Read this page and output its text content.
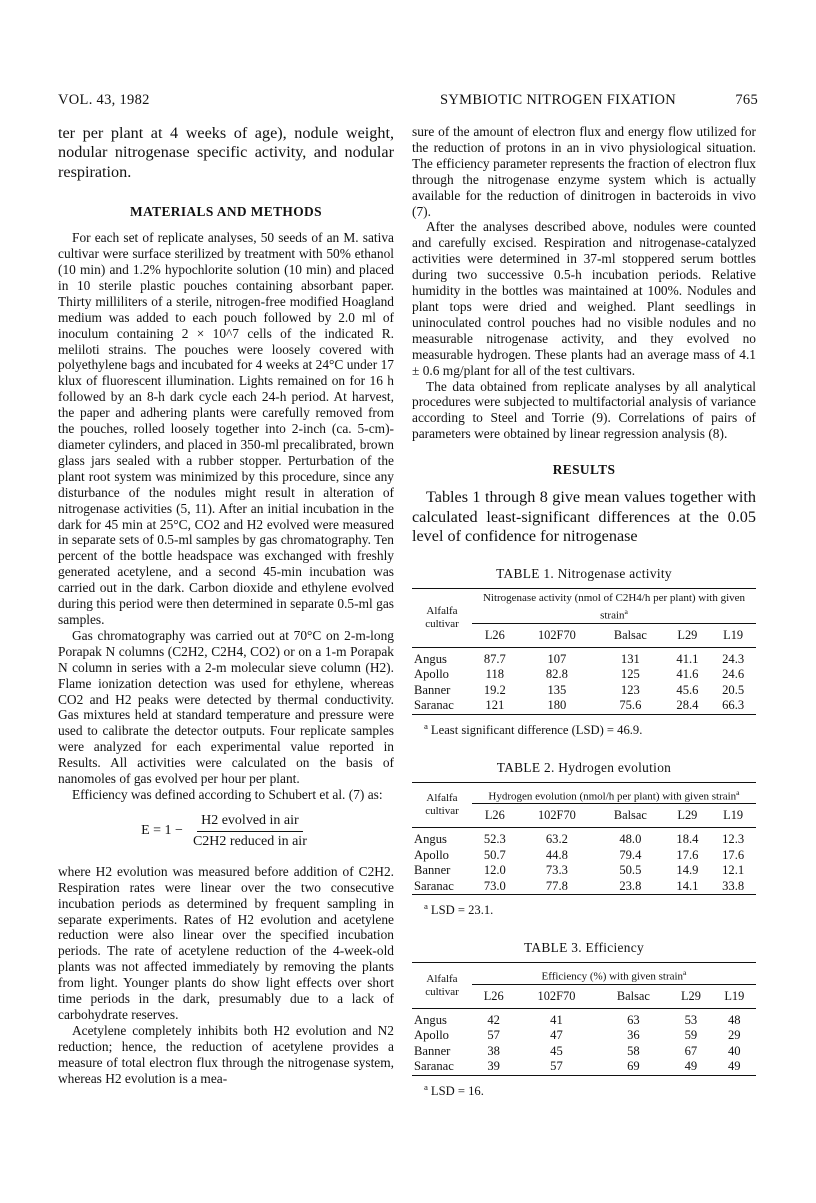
VOL. 43, 1982	SYMBIOTIC NITROGEN FIXATION	765

ter per plant at 4 weeks of age), nodule weight, nodular nitrogenase specific activity, and nodular respiration.

MATERIALS AND METHODS

For each set of replicate analyses, 50 seeds of an M. sativa cultivar were surface sterilized by treatment with 50% ethanol (10 min) and 1.2% hypochlorite solution (10 min) and placed in 10 sterile plastic pouches containing absorbant paper. Thirty milliliters of a sterile, nitrogen-free modified Hoagland medium was added to each pouch followed by 2.0 ml of inoculum containing 2 × 10^7 cells of the indicated R. meliloti strains. The pouches were loosely covered with polyethylene bags and incubated for 4 weeks at 24°C under 17 klux of fluorescent illumination. Lights remained on for 16 h followed by an 8-h dark cycle each 24-h period. At harvest, the paper and adhering plants were carefully removed from the pouches, rolled loosely together into 2-inch (ca. 5-cm)-diameter cylinders, and placed in 350-ml precalibrated, brown glass jars sealed with a rubber stopper. Perturbation of the plant root system was minimized by this procedure, since any disturbance of the nodules might result in alteration of nitrogenase activities (5, 11). After an initial incubation in the dark for 45 min at 25°C, CO2 and H2 evolved were measured in separate sets of 0.5-ml samples by gas chromatography. Ten percent of the bottle headspace was exchanged with freshly generated acetylene, and a second 45-min incubation was carried out in the dark. Carbon dioxide and ethylene evolved during this period were then determined in separate 0.5-ml gas samples.

Gas chromatography was carried out at 70°C on 2-m-long Porapak N columns (C2H2, C2H4, CO2) or on a 1-m Porapak N column in series with a 2-m molecular sieve column (H2). Flame ionization detection was used for ethylene, whereas CO2 and H2 peaks were detected by thermal conductivity. Gas mixtures held at standard temperature and pressure were used to calibrate the detector outputs. Four replicate samples were analyzed for each experimental value reported in Results. All activities were calculated on the basis of nanomoles of gas evolved per hour per plant.

Efficiency was defined according to Schubert et al. (7) as:

$E = 1 - \frac{\text{H2 evolved in air}}{\text{C2H2 reduced in air}}$

where H2 evolution was measured before addition of C2H2. Respiration rates were linear over the two consecutive incubation periods as determined by frequent sampling in separate experiments. Rates of H2 evolution and acetylene reduction were also linear over the specified incubation periods. The rate of acetylene reduction of the 4-week-old plants was not affected immediately by removing the plants from light. Younger plants do show light effects over short time periods in the dark, presumably due to a lack of carbohydrate reserves.

Acetylene completely inhibits both H2 evolution and N2 reduction; hence, the reduction of acetylene provides a measure of total electron flux through the nitrogenase system, whereas H2 evolution is a mea-

sure of the amount of electron flux and energy flow utilized for the reduction of protons in an in vivo physiological situation. The efficiency parameter represents the fraction of electron flux through the nitrogenase enzyme system which is actually available for the reduction of dinitrogen in bacteroids in vivo (7).

After the analyses described above, nodules were counted and carefully excised. Respiration and nitrogenase-catalyzed activities were determined in 37-ml stoppered serum bottles during two successive 0.5-h incubation periods. Relative humidity in the bottles was maintained at 100%. Nodules and plant tops were dried and weighed. Plant seedlings in uninoculated control pouches had no visible nodules and no measurable nitrogenase activity, and they evolved no measurable hydrogen. These plants had an average mass of 4.1 ± 0.6 mg/plant for all of the test cultivars.

The data obtained from replicate analyses by all analytical procedures were subjected to multifactorial analysis of variance according to Steel and Torrie (9). Correlations of pairs of parameters were obtained by linear regression analysis (8).

RESULTS

Tables 1 through 8 give mean values together with calculated least-significant differences at the 0.05 level of confidence for nitrogenase

TABLE 1. Nitrogenase activity
Alfalfa cultivar	Nitrogenase activity (nmol of C2H4/h per plant) with given strain$^a$
	L26	102F70	Balsac	L29	L19
Angus	87.7	107	131	41.1	24.3
Apollo	118	82.8	125	41.6	24.6
Banner	19.2	135	123	45.6	20.5
Saranac	121	180	75.6	28.4	66.3
$^a$ Least significant difference (LSD) = 46.9.
TABLE 2. Hydrogen evolution
Alfalfa cultivar	Hydrogen evolution (nmol/h per plant) with given strain$^a$
	L26	102F70	Balsac	L29	L19
Angus	52.3	63.2	48.0	18.4	12.3
Apollo	50.7	44.8	79.4	17.6	17.6
Banner	12.0	73.3	50.5	14.9	12.1
Saranac	73.0	77.8	23.8	14.1	33.8
$^a$ LSD = 23.1.
TABLE 3. Efficiency
Alfalfa cultivar	Efficiency (%) with given strain$^a$
	L26	102F70	Balsac	L29	L19
Angus	42	41	63	53	48
Apollo	57	47	36	59	29
Banner	38	45	58	67	40
Saranac	39	57	69	49	49
$^a$ LSD = 16.
